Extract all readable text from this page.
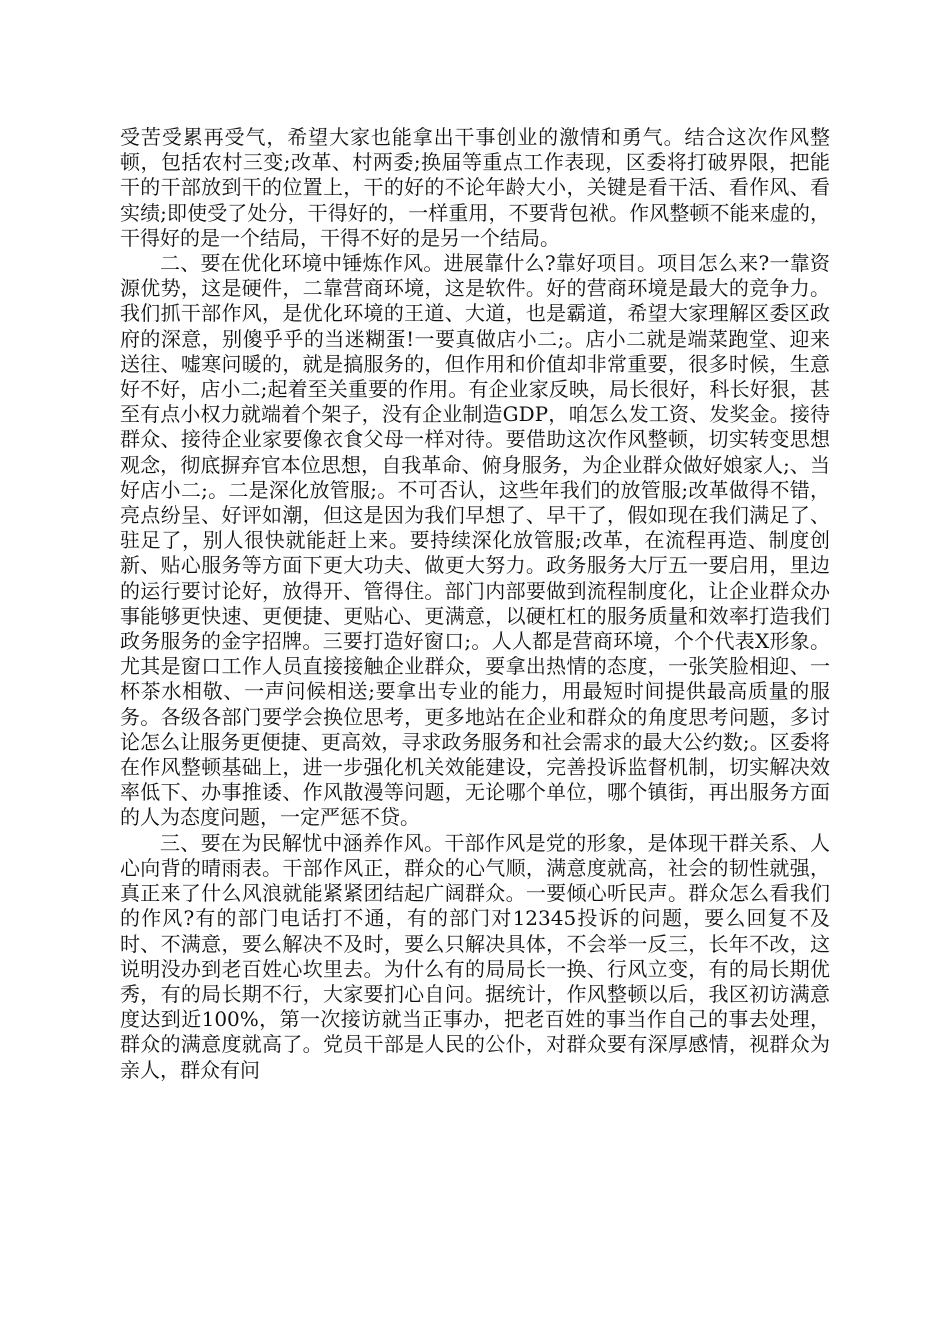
受苦受累再受气，希望大家也能拿出干事创业的激情和勇气。结合这次作风整顿，包括农村三变;改革、村两委;换届等重点工作表现，区委将打破界限，把能干的干部放到干的位置上，干的好的不论年龄大小，关键是看干活、看作风、看实绩;即使受了处分，干得好的，一样重用，不要背包袱。作风整顿不能来虚的，干得好的是一个结局，干得不好的是另一个结局。

二、要在优化环境中锤炼作风。进展靠什么?靠好项目。项目怎么来?一靠资源优势，这是硬件，二靠营商环境，这是软件。好的营商环境是最大的竞争力。我们抓干部作风，是优化环境的王道、大道，也是霸道，希望大家理解区委区政府的深意，别傻乎乎的当迷糊蛋!一要真做店小二;。店小二就是端菜跑堂、迎来送往、嘘寒问暖的，就是搞服务的，但作用和价值却非常重要，很多时候，生意好不好，店小二;起着至关重要的作用。有企业家反映，局长很好，科长好狠，甚至有点小权力就端着个架子，没有企业制造GDP，咱怎么发工资、发奖金。接待群众、接待企业家要像衣食父母一样对待。要借助这次作风整顿，切实转变思想观念，彻底摒弃官本位思想，自我革命、俯身服务，为企业群众做好娘家人;、当好店小二;。二是深化放管服;。不可否认，这些年我们的放管服;改革做得不错，亮点纷呈、好评如潮，但这是因为我们早想了、早干了，假如现在我们满足了、驻足了，别人很快就能赶上来。要持续深化放管服;改革，在流程再造、制度创新、贴心服务等方面下更大功夫、做更大努力。政务服务大厅五一要启用，里边的运行要讨论好，放得开、管得住。部门内部要做到流程制度化，让企业群众办事能够更快速、更便捷、更贴心、更满意，以硬杠杠的服务质量和效率打造我们政务服务的金字招牌。三要打造好窗口;。人人都是营商环境，个个代表X形象。尤其是窗口工作人员直接接触企业群众，要拿出热情的态度，一张笑脸相迎、一杯茶水相敬、一声问候相送;要拿出专业的能力，用最短时间提供最高质量的服务。各级各部门要学会换位思考，更多地站在企业和群众的角度思考问题，多讨论怎么让服务更便捷、更高效，寻求政务服务和社会需求的最大公约数;。区委将在作风整顿基础上，进一步强化机关效能建设，完善投诉监督机制，切实解决效率低下、办事推诿、作风散漫等问题，无论哪个单位，哪个镇街，再出服务方面的人为态度问题，一定严惩不贷。

三、要在为民解忧中涵养作风。干部作风是党的形象，是体现干群关系、人心向背的晴雨表。干部作风正，群众的心气顺，满意度就高，社会的韧性就强，真正来了什么风浪就能紧紧团结起广阔群众。一要倾心听民声。群众怎么看我们的作风?有的部门电话打不通，有的部门对12345投诉的问题，要么回复不及时、不满意，要么解决不及时，要么只解决具体，不会举一反三，长年不改，这说明没办到老百姓心坎里去。为什么有的局局长一换、行风立变，有的局长期优秀，有的局长期不行，大家要扪心自问。据统计，作风整顿以后，我区初访满意度达到近100%，第一次接访就当正事办，把老百姓的事当作自己的事去处理，群众的满意度就高了。党员干部是人民的公仆，对群众要有深厚感情，视群众为亲人，群众有问
